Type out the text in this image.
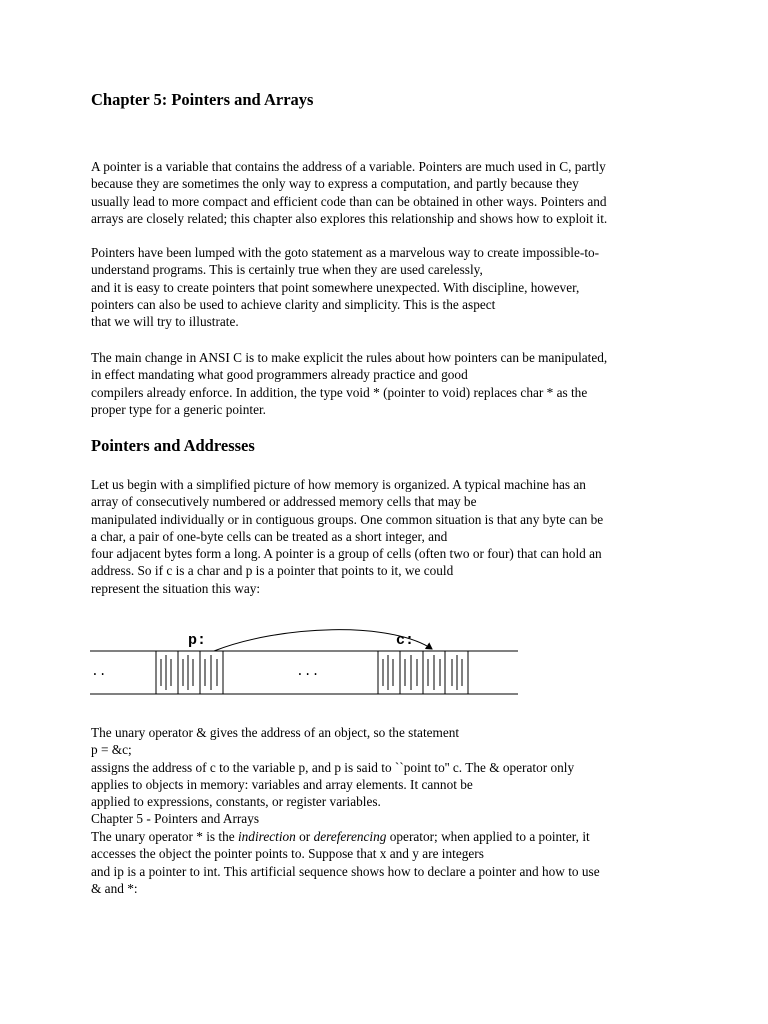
Chapter 5: Pointers and Arrays
A pointer is a variable that contains the address of a variable. Pointers are much used in C, partly
because they are sometimes the only way to express a computation, and partly because they
usually lead to more compact and efficient code than can be obtained in other ways. Pointers and
arrays are closely related; this chapter also explores this relationship and shows how to exploit it.
Pointers have been lumped with the goto statement as a marvelous way to create impossible-to-
understand programs. This is certainly true when they are used carelessly,
and it is easy to create pointers that point somewhere unexpected. With discipline, however,
pointers can also be used to achieve clarity and simplicity. This is the aspect
that we will try to illustrate.
The main change in ANSI C is to make explicit the rules about how pointers can be manipulated,
in effect mandating what good programmers already practice and good
compilers already enforce. In addition, the type void * (pointer to void) replaces char * as the
proper type for a generic pointer.
Pointers and Addresses
Let us begin with a simplified picture of how memory is organized. A typical machine has an
array of consecutively numbered or addressed memory cells that may be
manipulated individually or in contiguous groups. One common situation is that any byte can be
a char, a pair of one-byte cells can be treated as a short integer, and
four adjacent bytes form a long. A pointer is a group of cells (often two or four) that can hold an
address. So if c is a char and p is a pointer that points to it, we could
represent the situation this way:
The unary operator & gives the address of an object, so the statement
p = &c;
assigns the address of c to the variable p, and p is said to ``point to'' c. The & operator only
applies to objects in memory: variables and array elements. It cannot be
applied to expressions, constants, or register variables.
Chapter 5 - Pointers and Arrays
The unary operator * is the indirection or dereferencing operator; when applied to a pointer, it
accesses the object the pointer points to. Suppose that x and y are integers
and ip is a pointer to int. This artificial sequence shows how to declare a pointer and how to use
& and *:
p:	c:
..	...
